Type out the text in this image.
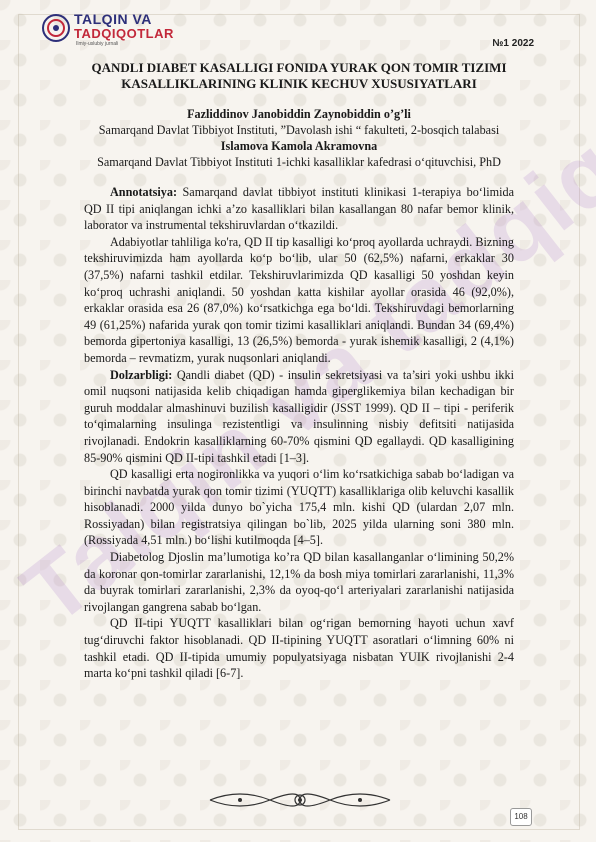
TALQIN VA
TADQIQOTLAR
Ilmiy-uslubiy jurnali	№1 2022

QANDLI DIABET KASALLIGI FONIDA YURAK QON TOMIR TIZIMI KASALLIKLARINING KLINIK KECHUV XUSUSIYATLARI

Fazliddinov Janobiddin Zaynobiddin o’g’li

Samarqand Davlat Tibbiyot Instituti, ”Davolash ishi “ fakulteti, 2-bosqich talabasi

Islamova Kamola Akramovna

Samarqand Davlat Tibbiyot Instituti 1-ichki kasalliklar kafedrasi o‘qituvchisi, PhD

Annotatsiya: Samarqand davlat tibbiyot instituti klinikasi 1-terapiya bo‘limida QD II tipi aniqlangan ichki a’zo kasalliklari bilan kasallangan 80 nafar bemor klinik, laborator va instrumental tekshiruvlardan o‘tkazildi.

Adabiyotlar tahliliga ko'ra, QD II tip kasalligi ko‘proq ayollarda uchraydi. Bizning tekshiruvimizda ham ayollarda ko‘p bo‘lib, ular 50 (62,5%) nafarni, erkaklar 30 (37,5%) nafarni tashkil etdilar. Tekshiruvlarimizda QD kasalligi 50 yoshdan keyin ko‘proq uchrashi aniqlandi. 50 yoshdan katta kishilar ayollar orasida 46 (92,0%), erkaklar orasida esa 26 (87,0%) ko‘rsatkichga ega bo‘ldi. Tekshiruvdagi bemorlarning 49 (61,25%) nafarida yurak qon tomir tizimi kasalliklari aniqlandi. Bundan 34 (69,4%) bemorda gipertoniya kasalligi, 13 (26,5%) bemorda - yurak ishemik kasalligi, 2 (4,1%) bemorda – revmatizm, yurak nuqsonlari aniqlandi.

Dolzarbligi: Qandli diabet (QD) - insulin sekretsiyasi va ta’siri yoki ushbu ikki omil nuqsoni natijasida kelib chiqadigan hamda giperglikemiya bilan kechadigan bir guruh moddalar almashinuvi buzilish kasalligidir (JSST 1999). QD II – tipi - periferik to‘qimalarning insulinga rezistentligi va insulinning nisbiy defitsiti natijasida rivojlanadi. Endokrin kasalliklarning 60-70% qismini QD egallaydi. QD kasalligining 85-90% qismini QD II-tipi tashkil etadi [1–3].

QD kasalligi erta nogironlikka va yuqori o‘lim ko‘rsatkichiga sabab bo‘ladigan va birinchi navbatda yurak qon tomir tizimi (YUQTT) kasalliklariga olib keluvchi kasallik hisoblanadi. 2000 yilda dunyo bo`yicha 175,4 mln. kishi QD (ulardan 2,07 mln. Rossiyadan) bilan registratsiya qilingan bo`lib, 2025 yilda ularning soni 380 mln. (Rossiyada 4,51 mln.) bo‘lishi kutilmoqda [4–5].

Diabetolog Djoslin ma’lumotiga ko’ra QD bilan kasallanganlar o‘limining 50,2% da koronar qon-tomirlar zararlanishi, 12,1% da bosh miya tomirlari zararlanishi, 11,3% da buyrak tomirlari zararlanishi, 2,3% da oyoq-qo‘l arteriyalari zararlanishi natijasida rivojlangan gangrena sabab bo‘lgan.

QD II-tipi YUQTT kasalliklari bilan og‘rigan bemorning hayoti uchun xavf tug‘diruvchi faktor hisoblanadi. QD II-tipining YUQTT asoratlari o‘limning 60% ni tashkil etadi. QD II-tipida umumiy populyatsiyaga nisbatan YUIK rivojlanishi 2-4 marta ko‘pni tashkil qiladi [6-7].

108
